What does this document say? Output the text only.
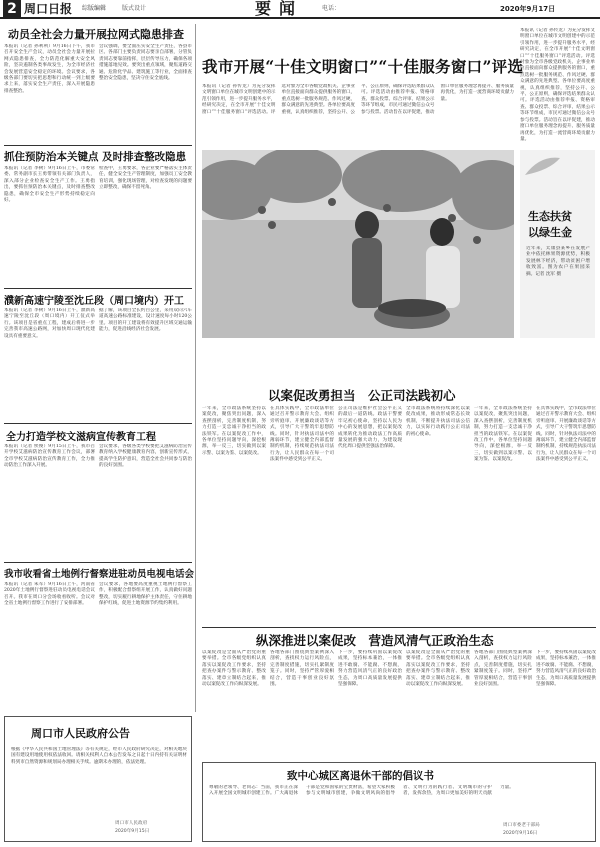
2 周口日报 综版编辑	版式设计	要闻	电话：	2020年9月17日
动员全社会力量开展拉网式隐患排查
本报讯（记者 孙利利）9月16日下午，我市召开安全生产会议，动员全社会力量开展拉网式隐患排查，全力防范化解重大安全风险，坚决遏制各类事故发生，为全市经济社会发展营造安全稳定的环境。会议要求，各级各部门要切实把思想和行动统一到上级要求上来，落实安全生产责任，深入开展隐患排查整治。
会议强调，要全面压实安全生产责任，各县市区、各部门主要负责同志要亲自部署，分管负责同志要靠前指挥，层层传导压力，确保各项措施落地见效。要突出重点领域，聚焦道路交通、危险化学品、建筑施工等行业，全面排查整治安全隐患，坚决守住安全底线。
抓住预防治本关键点 及时排查整改隐患
本报讯（记者 李树）9月16日上午，市委常委、常务副市长王勇带领有关部门负责人，深入部分企业检查安全生产工作。王勇指出，要抓住预防治本关键点，及时排查整改隐患，确保全市安全生产形势持续稳定向好。
检查中，王勇要求，各企业要严格落实主体责任，健全安全生产管理制度，加强员工安全教育培训，强化现场管理，对检查发现的问题要立即整改，确保不留死角。
濮新高速宁陵至沈丘段（周口境内）开工
本报讯（记者 李树）9月16日上午，濮新高速宁陵至沈丘段（周口境内）开工仪式举行。该项目是省重点工程，建成后将进一步完善我市高速公路网，对加快周口现代化建设具有重要意义。
据了解，该项目全长约百公里，采用双向六车道高速公路标准建设，设计速度每小时120公里。项目的开工建设将有效提升区域交通运输能力，促进沿线经济社会发展。
全力打造学校文滋病宣传教育工程
本报讯（记者 侯俊）9月15日上午，我市召开学校艾滋病防治宣传教育工作会议，部署全市学校艾滋病防治宣传教育工作，全力推动防治工作深入开展。
会议要求，各级各类学校要把艾滋病防治宣传教育纳入学校健康教育内容，创新宣传形式，提高学生防护意识，营造全社会共同参与防治的良好氛围。
我市收看省土地例行督察进驻动员电视电话会
本报讯（记者 朱军）9月16日上午，河南省2020年土地例行督察进驻动员电视电话会议召开。我市在周口分会场收看收听。会议对全省土地例行督察工作进行了安排部署。
会议要求，各地要高度重视土地例行督察工作，积极配合督察组开展工作，认真做好问题整改，切实履行耕地保护主体责任，守住耕地保护红线，促进土地资源节约集约利用。
周口市人民政府公告
根据《中华人民共和国土地管理法》等有关规定，经市人民政府研究决定，对相关地块国有建设用地使用权依法收回。请相关权利人自本公告发布之日起十日内持有关证明材料到市自然资源和规划局办理相关手续。逾期未办理的，依法处理。
周口市人民政府
2020年9月15日
我市开展“十佳文明窗口”“十佳服务窗口”评选
本报讯（记者 孙传龙）为充分发挥文明窗口单位在城市文明创建中的示范引领作用，进一步提升服务水平，经研究决定，在全市开展“十佳文明窗口”“十佳服务窗口”评选活动。评选对象为全市各级党政机关、企事业单位直接面向群众提供服务的窗口，重点选树一批服务规范、作风过硬、群众满意的先进典型。各单位要高度重视，认真组织推荐，坚持公开、公平、公正原则，确保评选结果群众认可。评选活动由推荐申报、资格审查、群众投票、综合评审、结果公示等环节组成，市民可通过微信公众号参与投票。活动旨在以评促建，推动窗口单位服务理念再提升、服务质量再优化，为打造一流营商环境贡献力量。
本报讯（记者 孙传龙）为充分发挥文明窗口单位在城市文明创建中的示范引领作用，进一步提升服务水平，经研究决定，在全市开展“十佳文明窗口”“十佳服务窗口”评选活动。评选对象为全市各级党政机关、企事业单位直接面向群众提供服务的窗口，重点选树一批服务规范、作风过硬、群众满意的先进典型。各单位要高度重视，认真组织推荐，坚持公开、公平、公正原则，确保评选结果群众认可。评选活动由推荐申报、资格审查、群众投票、综合评审、结果公示等环节组成，市民可通过微信公众号参与投票。活动旨在以评促建，推动窗口单位服务理念再提升、服务质量再优化，为打造一流营商环境贡献力量。
生态扶贫
以绿生金
近年来，太康县某乡在发展产业中依托林果资源优势，积极发展林下经济，带动贫困户增收致富。图为农户在果园采摘。记者 沈军 摄
以案促改勇担当　公正司法践初心
一年来，全市政法系统坚持以案促改，聚焦突出问题，深入查摆剖析，完善制度机制，努力打造一支忠诚干净担当的政法铁军。在以案促改工作中，各单位坚持问题导向，深挖根源，举一反三，切实做到以案示警、以案为鉴、以案促改。
在具体实践中，全市政法单位通过召开警示教育大会、组织旁听庭审、开展廉政谈话等方式，引导广大干警筑牢思想防线。同时，针对执法司法中的薄弱环节，建立健全内部监督制约机制，持续规范执法司法行为，让人民群众在每一个司法案件中感受到公平正义。
公正司法是维护社会公平正义的最后一道防线。政法干警要牢记初心使命，坚持以人民为中心的发展思想，把以案促改成果转化为推动政法工作高质量发展的强大动力，为建设现代化周口提供坚强法治保障。
全市政法系统将持续深化以案促改成果，推动形成常态长效机制，不断提升执法司法公信力，以实际行动践行公正司法的初心使命。
一年来，全市政法系统坚持以案促改，聚焦突出问题，深入查摆剖析，完善制度机制，努力打造一支忠诚干净担当的政法铁军。在以案促改工作中，各单位坚持问题导向，深挖根源，举一反三，切实做到以案示警、以案为鉴、以案促改。
在具体实践中，全市政法单位通过召开警示教育大会、组织旁听庭审、开展廉政谈话等方式，引导广大干警筑牢思想防线。同时，针对执法司法中的薄弱环节，建立健全内部监督制约机制，持续规范执法司法行为，让人民群众在每一个司法案件中感受到公平正义。
纵深推进以案促改　营造风清气正政治生态
以案促改是全面从严治党的重要举措。全市各级党组织认真落实以案促改工作要求，坚持把查办案件与警示教育、整改落实、建章立制结合起来，推动以案促改工作向纵深发展。
各地各部门围绕典型案例深入剖析，查找权力运行风险点，完善制度措施，切实扎紧制度笼子。同时，坚持严管厚爱相结合，营造干事创业良好氛围。
下一步，要持续巩固以案促改成果，坚持标本兼治，一体推进不敢腐、不能腐、不想腐，努力营造风清气正的良好政治生态，为周口高质量发展提供坚强保障。
以案促改是全面从严治党的重要举措。全市各级党组织认真落实以案促改工作要求，坚持把查办案件与警示教育、整改落实、建章立制结合起来，推动以案促改工作向纵深发展。
各地各部门围绕典型案例深入剖析，查找权力运行风险点，完善制度措施，切实扎紧制度笼子。同时，坚持严管厚爱相结合，营造干事创业良好氛围。
下一步，要持续巩固以案促改成果，坚持标本兼治，一体推进不敢腐、不能腐、不想腐，努力营造风清气正的良好政治生态，为周口高质量发展提供坚强保障。
致中心城区离退休干部的倡议书
尊敬的老领导、老同志：当前，我市正在深入开展全国文明城市创建工作。广大离退休干部是党和国家的宝贵财富，希望大家积极参与文明城市创建，争做文明风尚的倡导者、文明行为的践行者、文明城市的守护者，发挥余热，为周口更加美好的明天贡献力量。
周口市委老干部局
2020年9月16日
